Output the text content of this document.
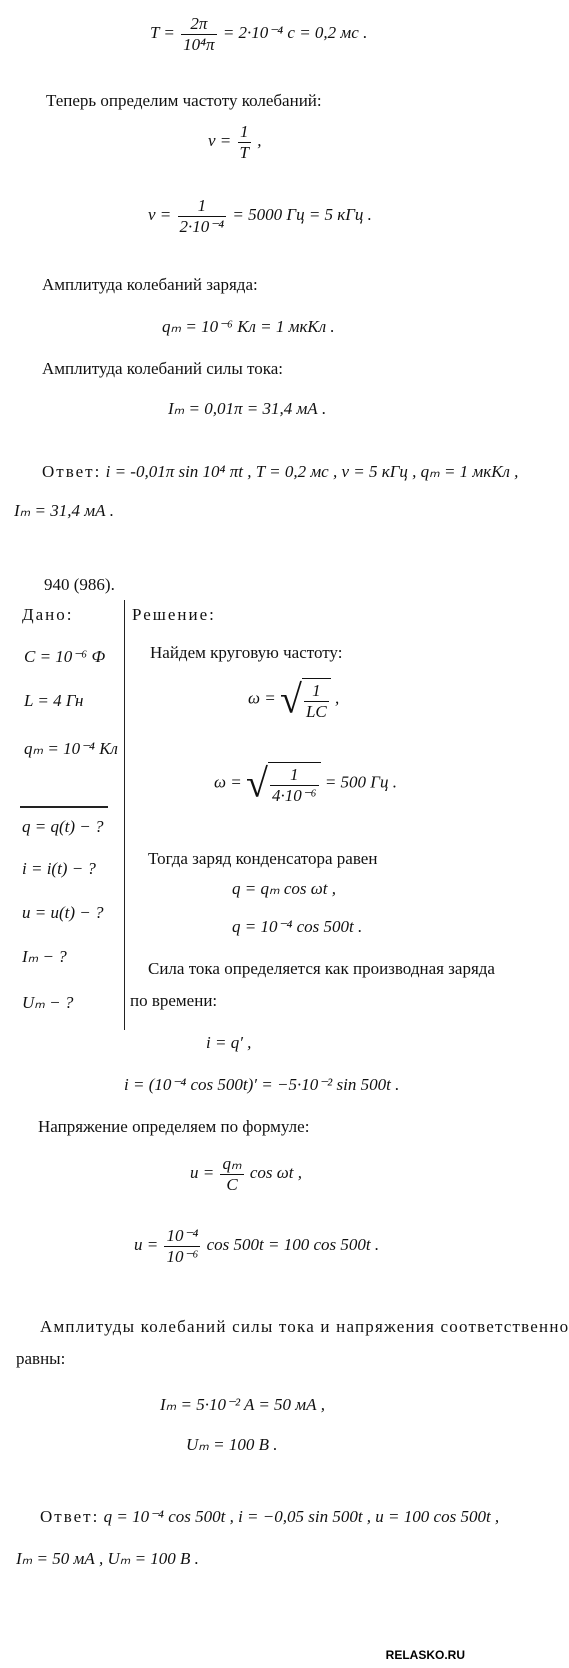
$T = \frac{2\pi}{\text{10⁴π}} = 2\cdot 10^{-4}$ с = 0,2 мс .
Теперь определим частоту колебаний:
$\nu = \frac{1}{T}$ ,
$\nu = \frac{1}{\text{2·10⁻⁴}} = 5000$ Гц = 5 кГц .
Амплитуда колебаний заряда:
qₘ = 10⁻⁶ Кл = 1 мкКл .
Амплитуда колебаний силы тока:
Iₘ = 0,01π = 31,4 мА .
Ответ: i = -0,01π sin 10⁴ πt , T = 0,2 мс , ν = 5 кГц , qₘ = 1 мкКл ,
Iₘ = 31,4 мА .
940 (986).
Дано:
C = 10⁻⁶ Ф
L = 4 Гн
qₘ = 10⁻⁴ Кл
q = q(t) − ?
i = i(t) − ?
u = u(t) − ?
Iₘ − ?
Uₘ − ?
Решение:
Найдем круговую частоту:
ω = √ $\frac{1}{LC}$ ,
ω = √ $\frac{1}{\text{4·10⁻⁶}} = 500$ Гц .
Тогда заряд конденсатора равен
q = qₘ cos ωt ,
q = 10⁻⁴ cos 500t .
Сила тока определяется как производная заряда
по времени:
i = q′ ,
i = (10⁻⁴ cos 500t)′ = −5·10⁻² sin 500t .
Напряжение определяем по формуле:
$u = \frac{\text{qₘ}}{C}$ cos ωt ,
$u = \frac{\text{10⁻⁴}}{\text{10⁻⁶}}$ cos 500t = 100 cos 500t .
Амплитуды колебаний силы тока и напряжения соответственно
равны:
Iₘ = 5·10⁻² A = 50 мА ,
Uₘ = 100 В .
Ответ: q = 10⁻⁴ cos 500t , i = −0,05 sin 500t , u = 100 cos 500t ,
Iₘ = 50 мА , Uₘ = 100 В .
RELASKO.RU
